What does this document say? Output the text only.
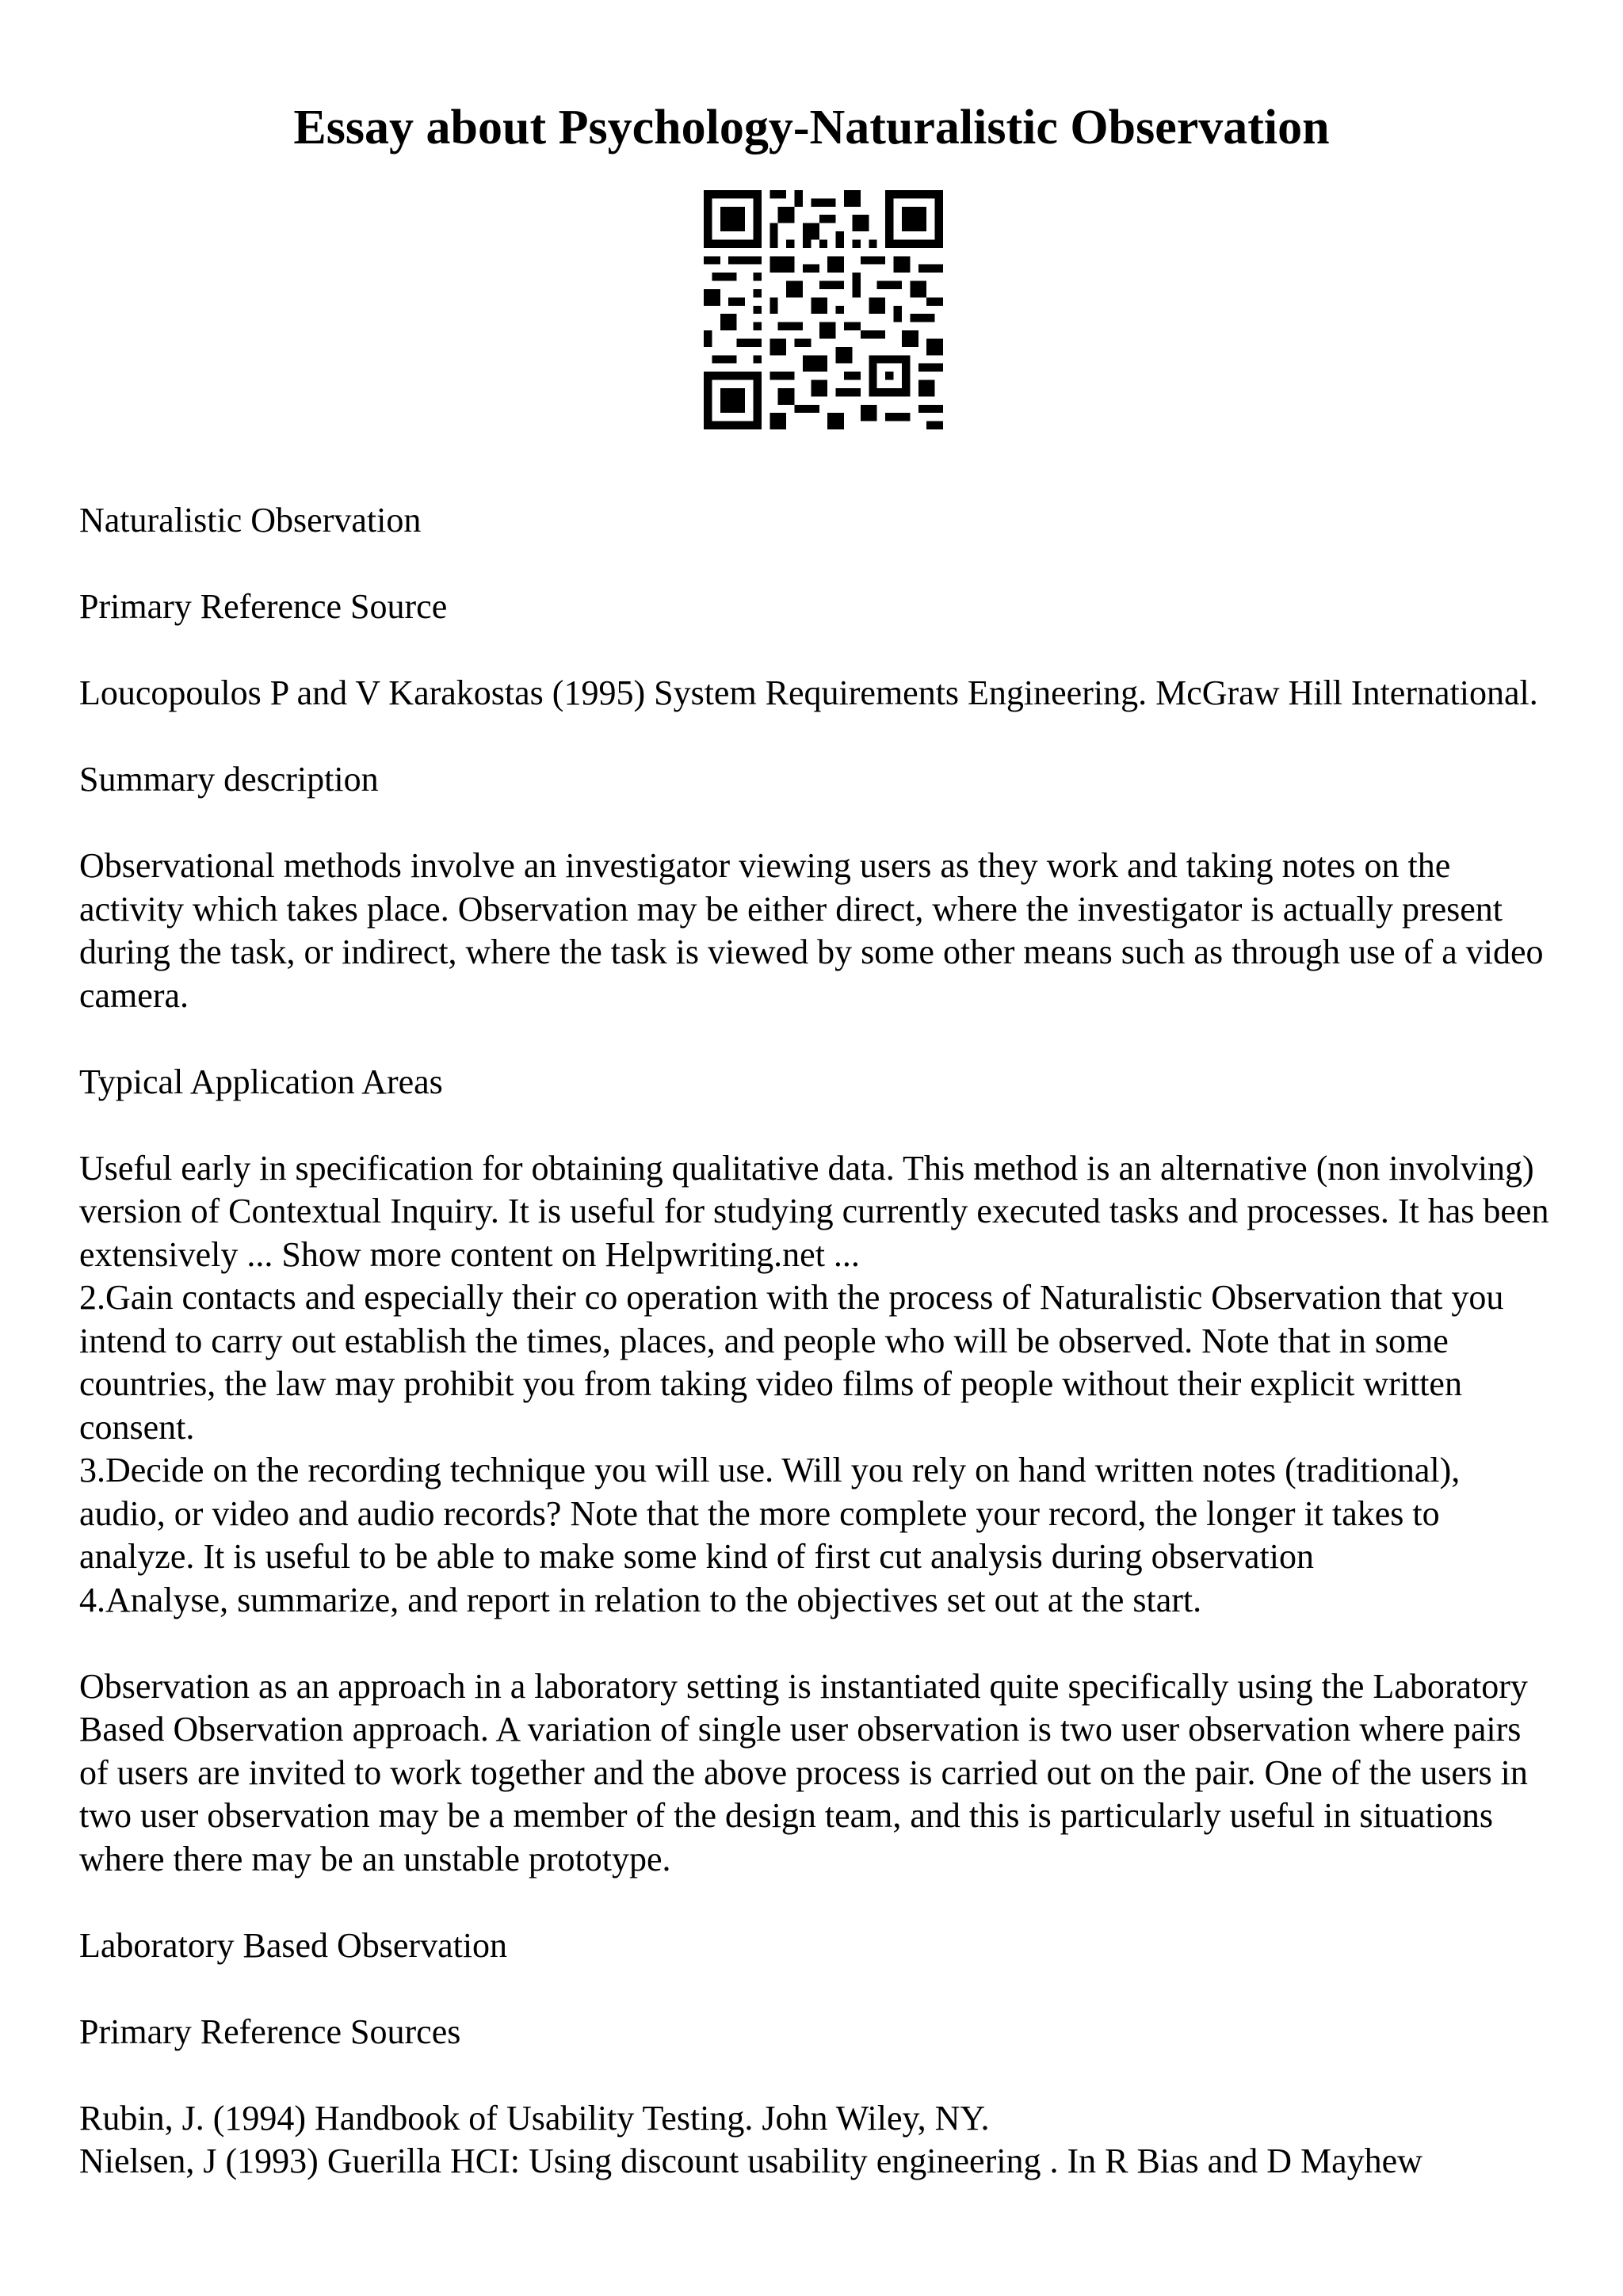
Essay about Psychology-Naturalistic Observation

Naturalistic Observation

Primary Reference Source

Loucopoulos P and V Karakostas (1995) System Requirements Engineering. McGraw Hill International.

Summary description

Observational methods involve an investigator viewing users as they work and taking notes on the activity which takes place. Observation may be either direct, where the investigator is actually present during the task, or indirect, where the task is viewed by some other means such as through use of a video camera.

Typical Application Areas

Useful early in specification for obtaining qualitative data. This method is an alternative (non involving) version of Contextual Inquiry. It is useful for studying currently executed tasks and processes. It has been extensively ... Show more content on Helpwriting.net ...

2.Gain contacts and especially their co operation with the process of Naturalistic Observation that you intend to carry out establish the times, places, and people who will be observed. Note that in some countries, the law may prohibit you from taking video films of people without their explicit written consent.

3.Decide on the recording technique you will use. Will you rely on hand written notes (traditional), audio, or video and audio records? Note that the more complete your record, the longer it takes to analyze. It is useful to be able to make some kind of first cut analysis during observation

4.Analyse, summarize, and report in relation to the objectives set out at the start.

Observation as an approach in a laboratory setting is instantiated quite specifically using the Laboratory Based Observation approach. A variation of single user observation is two user observation where pairs of users are invited to work together and the above process is carried out on the pair. One of the users in two user observation may be a member of the design team, and this is particularly useful in situations where there may be an unstable prototype.

Laboratory Based Observation

Primary Reference Sources

Rubin, J. (1994) Handbook of Usability Testing. John Wiley, NY.

Nielsen, J (1993) Guerilla HCI: Using discount usability engineering . In R Bias and D Mayhew
